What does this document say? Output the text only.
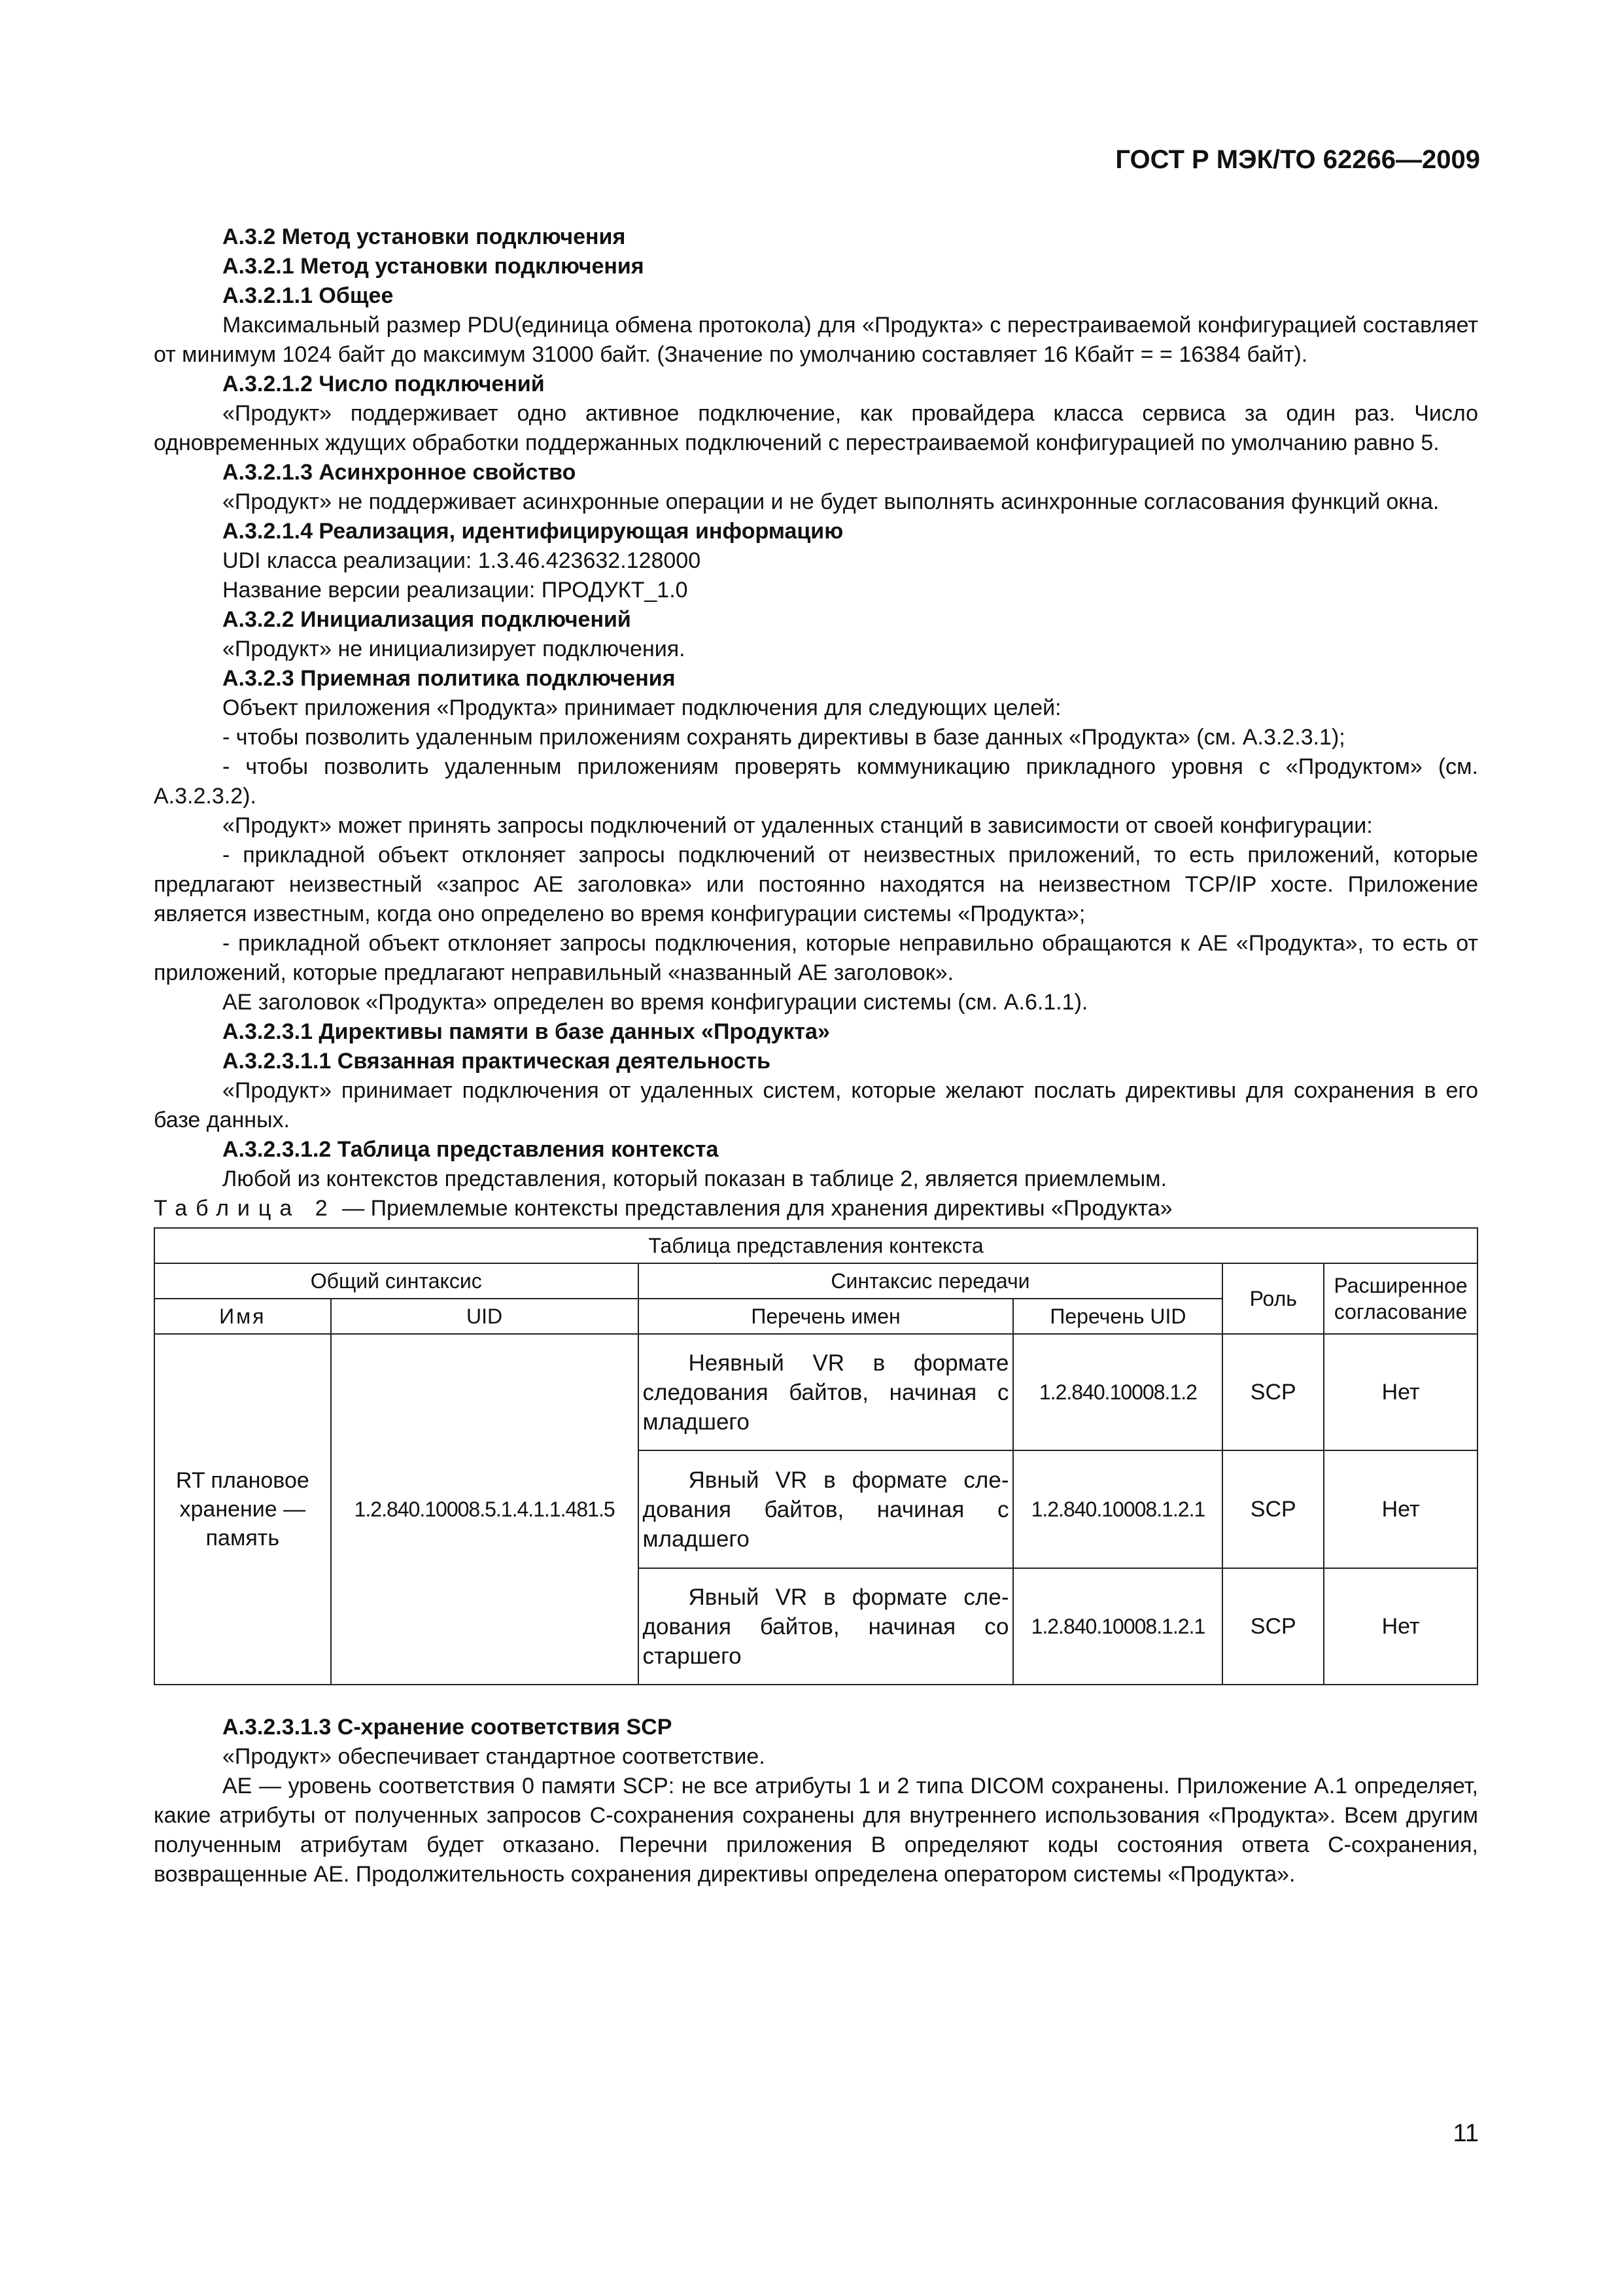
ГОСТ Р МЭК/ТО 62266—2009

А.3.2 Метод установки подключения

А.3.2.1 Метод установки подключения

А.3.2.1.1 Общее

Максимальный размер PDU(единица обмена протокола) для «Продукта» с перестраиваемой конфигурацией составляет от минимум 1024 байт до максимум 31000 байт. (Значение по умолчанию составляет 16 Кбайт = = 16384 байт).

А.3.2.1.2 Число подключений

«Продукт» поддерживает одно активное подключение, как провайдера класса сервиса за один раз. Число одновременных ждущих обработки поддержанных подключений с перестраиваемой конфигурацией по умолчанию равно 5.

А.3.2.1.3 Асинхронное свойство

«Продукт» не поддерживает асинхронные операции и не будет выполнять асинхронные согласования функций окна.

А.3.2.1.4 Реализация, идентифицирующая информацию

UDI класса реализации: 1.3.46.423632.128000

Название версии реализации: ПРОДУКТ_1.0

А.3.2.2 Инициализация подключений

«Продукт» не инициализирует подключения.

А.3.2.3 Приемная политика подключения

Объект приложения «Продукта» принимает подключения для следующих целей:

- чтобы позволить удаленным приложениям сохранять директивы в базе данных «Продукта» (см. А.3.2.3.1);

- чтобы позволить удаленным приложениям проверять коммуникацию прикладного уровня с «Продуктом» (см. А.3.2.3.2).

«Продукт» может принять запросы подключений от удаленных станций в зависимости от своей конфигурации:

- прикладной объект отклоняет запросы подключений от неизвестных приложений, то есть приложений, которые предлагают неизвестный «запрос АЕ заголовка» или постоянно находятся на неизвестном TCP/IP хосте. Приложение является известным, когда оно определено во время конфигурации системы «Продукта»;

- прикладной объект отклоняет запросы подключения, которые неправильно обращаются к АЕ «Продукта», то есть от приложений, которые предлагают неправильный «названный АЕ заголовок».

АЕ заголовок «Продукта» определен во время конфигурации системы (см. А.6.1.1).

А.3.2.3.1 Директивы памяти в базе данных «Продукта»

А.3.2.3.1.1 Связанная практическая деятельность

«Продукт» принимает подключения от удаленных систем, которые желают послать директивы для сохранения в его базе данных.

А.3.2.3.1.2 Таблица представления контекста

Любой из контекстов представления, который показан в таблице 2, является приемлемым.

Таблица 2 — Приемлемые контексты представления для хранения директивы «Продукта»

Таблица представления контекста					
Общий синтаксис		Синтаксис передачи		Роль	Расширенное согласование
Имя	UID	Перечень имен	Перечень UID		
RT плановое хранение — память	1.2.840.10008.5.1.4.1.1.481.5	Неявный VR в формате следования байтов, начиная с младшего	1.2.840.10008.1.2	SCP	Нет

		Явный VR в формате следования байтов, начиная с младшего	1.2.840.10008.1.2.1	SCP	Нет

		Явный VR в формате следования байтов, начиная со старшего	1.2.840.10008.1.2.1	SCP	Нет

А.3.2.3.1.3 С-хранение соответствия SCP

«Продукт» обеспечивает стандартное соответствие.

АЕ — уровень соответствия 0 памяти SCP: не все атрибуты 1 и 2 типа DICOM сохранены. Приложение А.1 определяет, какие атрибуты от полученных запросов С-сохранения сохранены для внутреннего использования «Продукта». Всем другим полученным атрибутам будет отказано. Перечни приложения В определяют коды состояния ответа С-сохранения, возвращенные АЕ. Продолжительность сохранения директивы определена оператором системы «Продукта».

11
